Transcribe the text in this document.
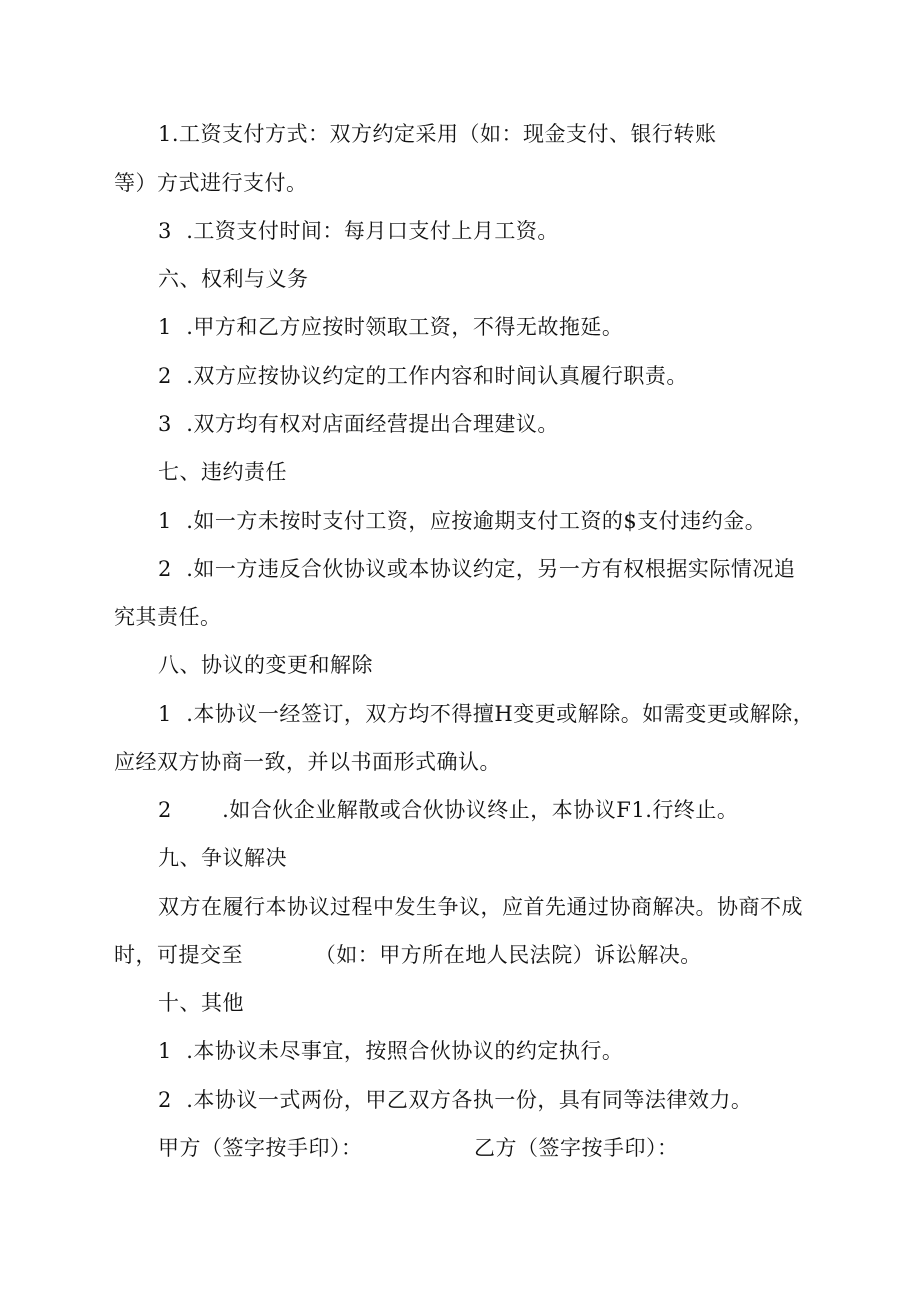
1.工资支付方式：双方约定采用（如：现金支付、银行转账
等）方式进行支付。
3  .工资支付时间：每月口支付上月工资。
六、权利与义务
1  .甲方和乙方应按时领取工资，不得无故拖延。
2  .双方应按协议约定的工作内容和时间认真履行职责。
3  .双方均有权对店面经营提出合理建议。
七、违约责任
1  .如一方未按时支付工资，应按逾期支付工资的$支付违约金。
2  .如一方违反合伙协议或本协议约定，另一方有权根据实际情况追
究其责任。
八、协议的变更和解除
1  .本协议一经签订，双方均不得擅H变更或解除。如需变更或解除，
应经双方协商一致，并以书面形式确认。
2       .如合伙企业解散或合伙协议终止，本协议F1.行终止。
九、争议解决
双方在履行本协议过程中发生争议，应首先通过协商解决。协商不成
时，可提交至          （如：甲方所在地人民法院）诉讼解决。
十、其他
1  .本协议未尽事宜，按照合伙协议的约定执行。
2  .本协议一式两份，甲乙双方各执一份，具有同等法律效力。
甲方（签字按手印）：	乙方（签字按手印）：
